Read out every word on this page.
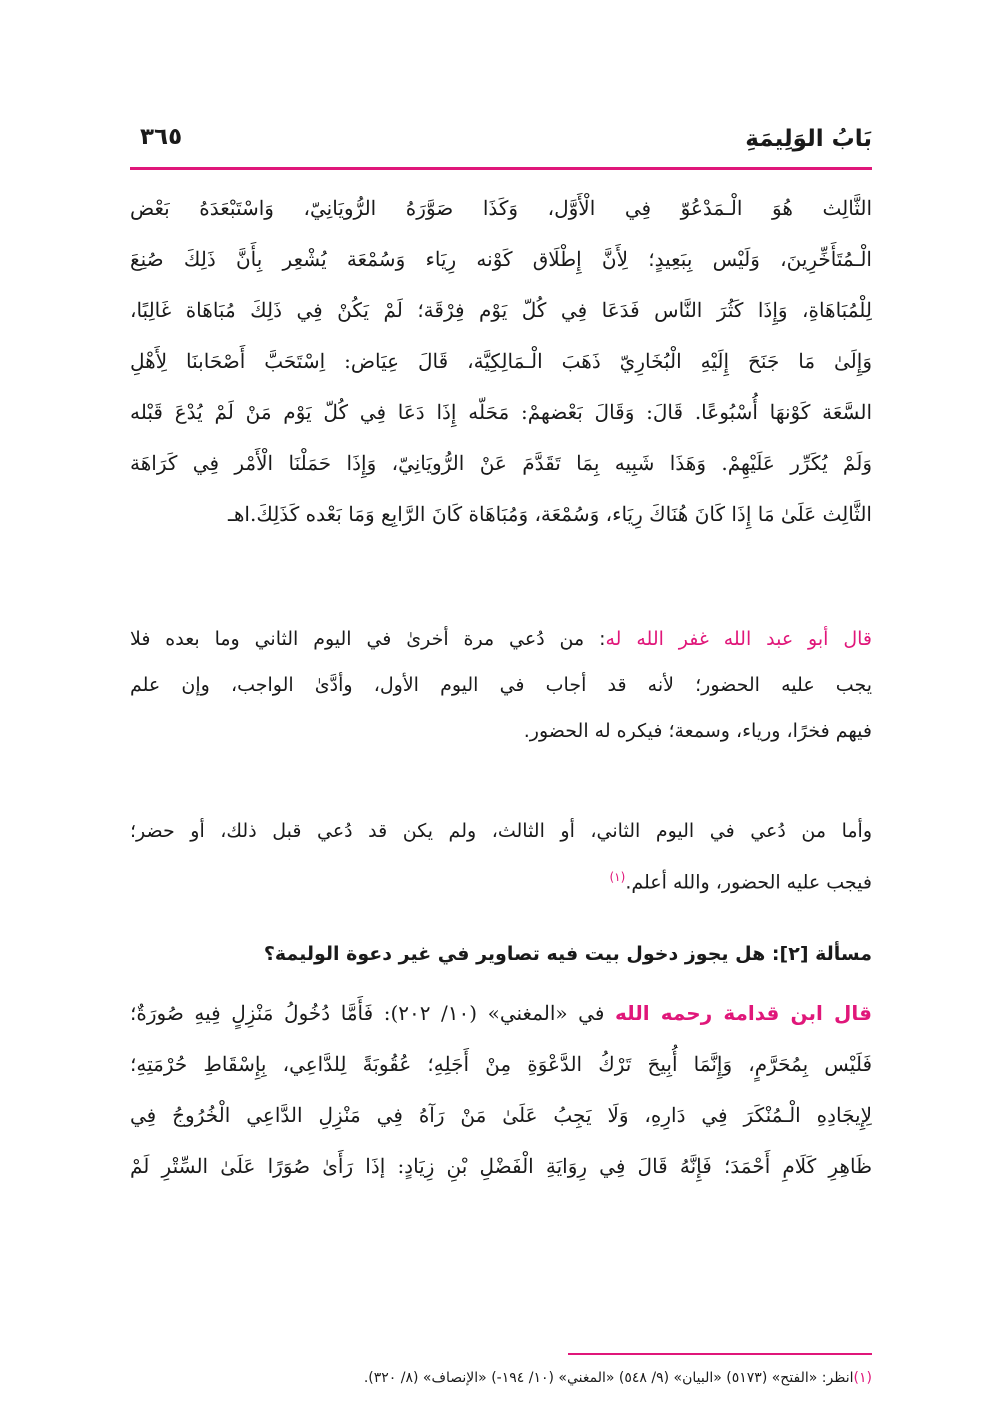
بَابُ الوَلِيمَةِ
٣٦٥
الثَّالِث هُوَ الْـمَدْعُوّ فِي الْأَوَّل، وَكَذَا صَوَّرَهُ الرُّويَانِيّ، وَاسْتَبْعَدَهُ بَعْض
الْـمُتَأَخِّرِينَ، وَلَيْس بِبَعِيدٍ؛ لِأَنَّ إِطْلَاق كَوْنه رِيَاء وَسُمْعَة يُشْعِر بِأَنَّ ذَلِكَ صُنِعَ
لِلْمُبَاهَاةِ، وَإِذَا كَثُرَ النَّاس فَدَعَا فِي كُلّ يَوْم فِرْقَة؛ لَمْ يَكُنْ فِي ذَلِكَ مُبَاهَاة غَالِبًا،
وَإِلَىٰ مَا جَنَحَ إِلَيْهِ الْبُخَارِيّ ذَهَبَ الْـمَالِكِيَّة، قَالَ عِيَاض: اِسْتَحَبَّ أَصْحَابنَا لِأَهْلِ
السَّعَة كَوْنهَا أُسْبُوعًا. قَالَ: وَقَالَ بَعْضهمْ: مَحَلّه إِذَا دَعَا فِي كُلّ يَوْم مَنْ لَمْ يُدْعَ قَبْله
وَلَمْ يُكَرِّر عَلَيْهِمْ. وَهَذَا شَبِيه بِمَا تَقَدَّمَ عَنْ الرُّويَانِيّ، وَإِذَا حَمَلْنَا الْأَمْر فِي كَرَاهَة
الثَّالِث عَلَىٰ مَا إِذَا كَانَ هُنَاكَ رِيَاء، وَسُمْعَة، وَمُبَاهَاة كَانَ الرَّابِع وَمَا بَعْده كَذَلِكَ.اهـ
قال أبو عبد الله غفر الله له: من دُعي مرة أخرىٰ في اليوم الثاني وما بعده فلا
يجب عليه الحضور؛ لأنه قد أجاب في اليوم الأول، وأدَّىٰ الواجب، وإن علم
فيهم فخرًا، ورياء، وسمعة؛ فيكره له الحضور.
وأما من دُعي في اليوم الثاني، أو الثالث، ولم يكن قد دُعي قبل ذلك، أو حضر؛
فيجب عليه الحضور، والله أعلم.$^{(١)}$
مسألة [٢]: هل يجوز دخول بيت فيه تصاوير في غير دعوة الوليمة؟
قال ابن قدامة رحمه الله في «المغني» (١٠/ ٢٠٢): فَأَمَّا دُخُولُ مَنْزِلٍ فِيهِ صُورَةٌ؛
فَلَيْس بِمُحَرَّمٍ، وَإِنَّمَا أُبِيحَ تَرْكُ الدَّعْوَةِ مِنْ أَجَلِهِ؛ عُقُوبَةً لِلدَّاعِي، بِإِسْقَاطِ حُرْمَتِهِ؛
لِإِيجَادِهِ الْـمُنْكَرَ فِي دَارِهِ، وَلَا يَجِبُ عَلَىٰ مَنْ رَآهُ فِي مَنْزِلِ الدَّاعِي الْخُرُوجُ فِي
ظَاهِرِ كَلَامِ أَحْمَدَ؛ فَإِنَّهُ قَالَ فِي رِوَايَةِ الْفَضْلِ بْنِ زِيَادٍ: إذَا رَأَىٰ صُوَرًا عَلَىٰ السِّتْرِ لَمْ
(١)انظر: «الفتح» (٥١٧٣) «البيان» (٩/ ٥٤٨) «المغني» (١٠/ ١٩٤-) «الإنصاف» (٨/ ٣٢٠).
